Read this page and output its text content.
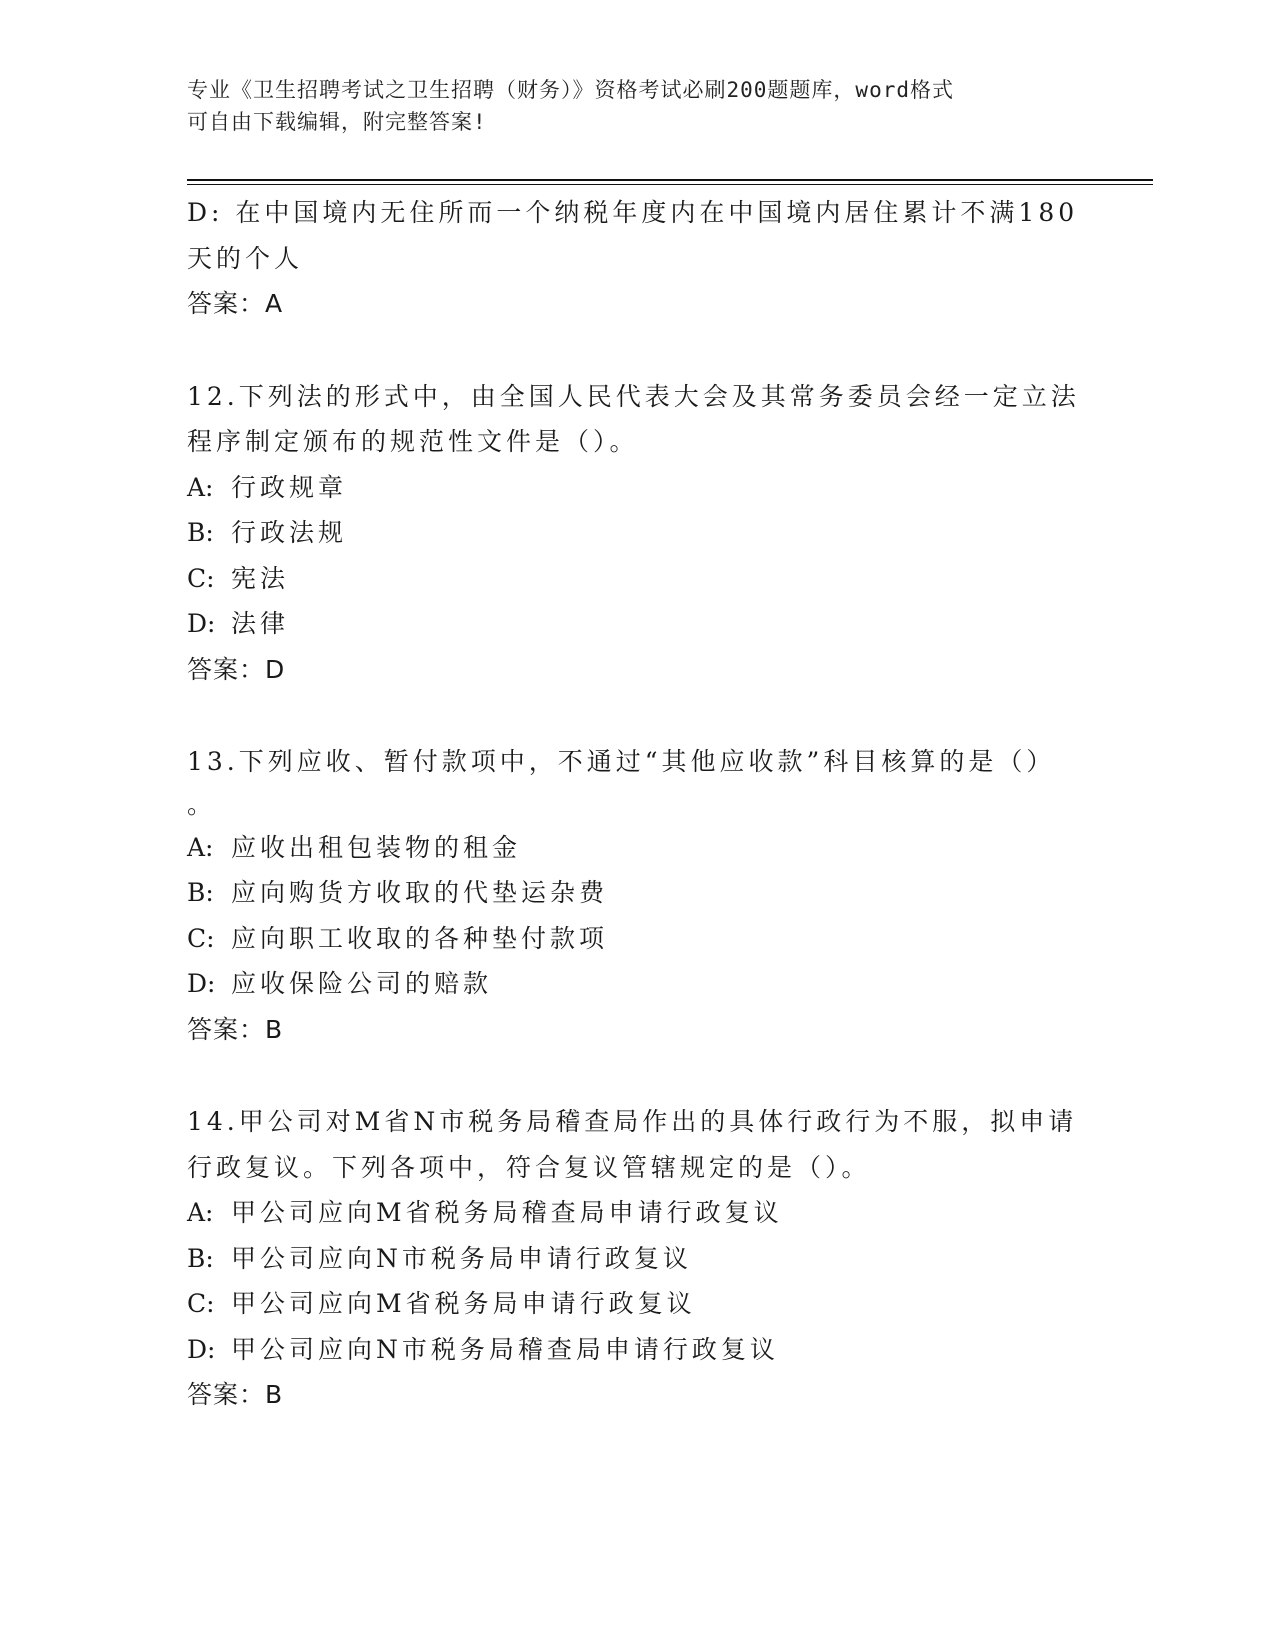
专业《卫生招聘考试之卫生招聘（财务）》资格考试必刷200题题库，word格式
可自由下载编辑，附完整答案!
D: 在中国境内无住所而一个纳税年度内在中国境内居住累计不满180
天的个人
答案：A
12.下列法的形式中，由全国人民代表大会及其常务委员会经一定立法
程序制定颁布的规范性文件是（）。
A: 行政规章
B: 行政法规
C: 宪法
D: 法律
答案：D
13.下列应收、暂付款项中，不通过“其他应收款”科目核算的是（）
。
A: 应收出租包装物的租金
B: 应向购货方收取的代垫运杂费
C: 应向职工收取的各种垫付款项
D: 应收保险公司的赔款
答案：B
14.甲公司对M省N市税务局稽查局作出的具体行政行为不服，拟申请
行政复议。下列各项中，符合复议管辖规定的是（）。
A: 甲公司应向M省税务局稽查局申请行政复议
B: 甲公司应向N市税务局申请行政复议
C: 甲公司应向M省税务局申请行政复议
D: 甲公司应向N市税务局稽查局申请行政复议
答案：B
